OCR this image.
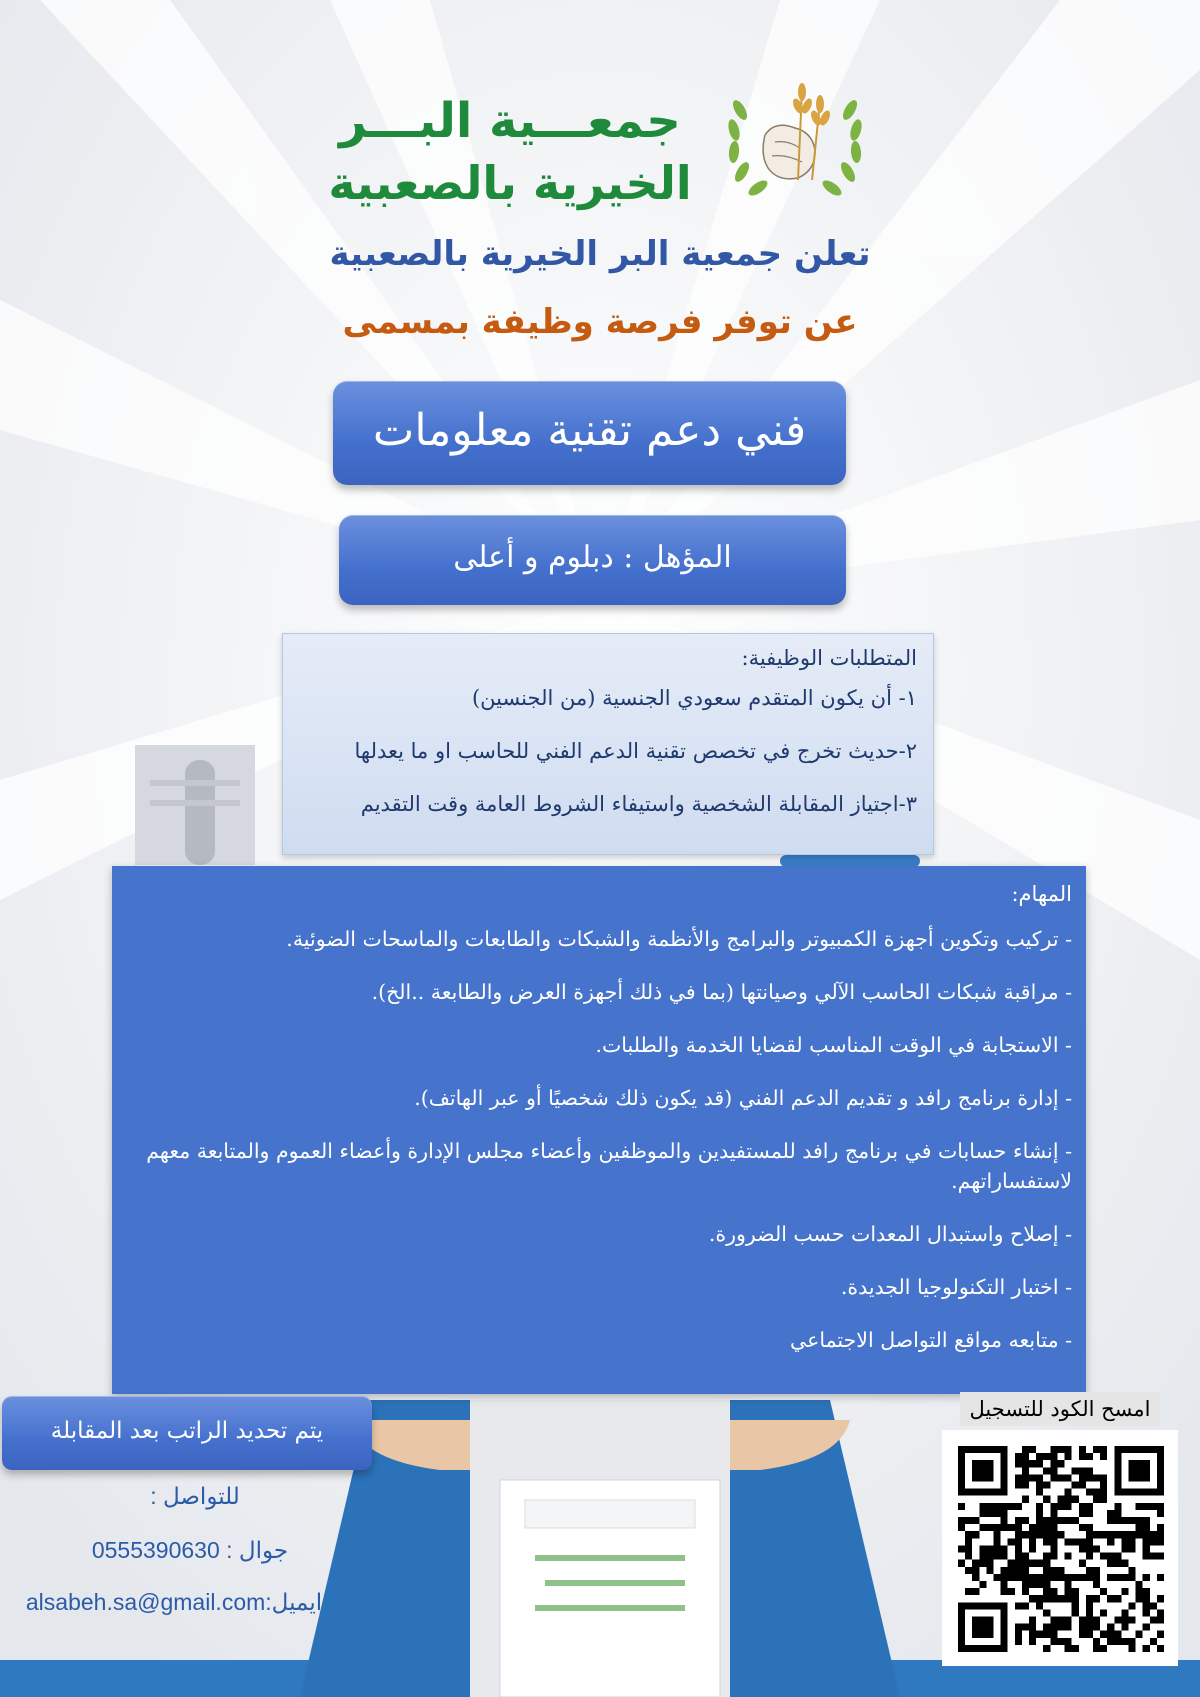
جمعـــية البـــر
الخيرية بالصعبية
تعلن جمعية البر الخيرية بالصعبية
عن توفر فرصة وظيفة بمسمى
فني دعم تقنية معلومات
المؤهل : دبلوم و أعلى
المتطلبات الوظيفية:
١- أن يكون المتقدم سعودي الجنسية (من الجنسين)
٢-حديث تخرج في تخصص تقنية الدعم الفني للحاسب او ما يعدلها
٣-اجتياز المقابلة الشخصية واستيفاء الشروط العامة وقت التقديم
المهام:
- تركيب وتكوين أجهزة الكمبيوتر والبرامج والأنظمة والشبكات والطابعات والماسحات الضوئية.
- مراقبة شبكات الحاسب الآلي وصيانتها (بما في ذلك أجهزة العرض والطابعة ..الخ).
- الاستجابة في الوقت المناسب لقضايا الخدمة والطلبات.
- إدارة برنامج رافد و تقديم الدعم الفني (قد يكون ذلك شخصيًا أو عبر الهاتف).
- إنشاء حسابات في برنامج رافد للمستفيدين والموظفين وأعضاء مجلس الإدارة وأعضاء العموم والمتابعة معهم لاستفساراتهم.
- إصلاح واستبدال المعدات حسب الضرورة.
- اختبار التكنولوجيا الجديدة.
- متابعه مواقع التواصل الاجتماعي
يتم تحديد الراتب بعد المقابلة
للتواصل :
جوال : 0555390630
ايميل:alsabeh.sa@gmail.com
امسح الكود للتسجيل
